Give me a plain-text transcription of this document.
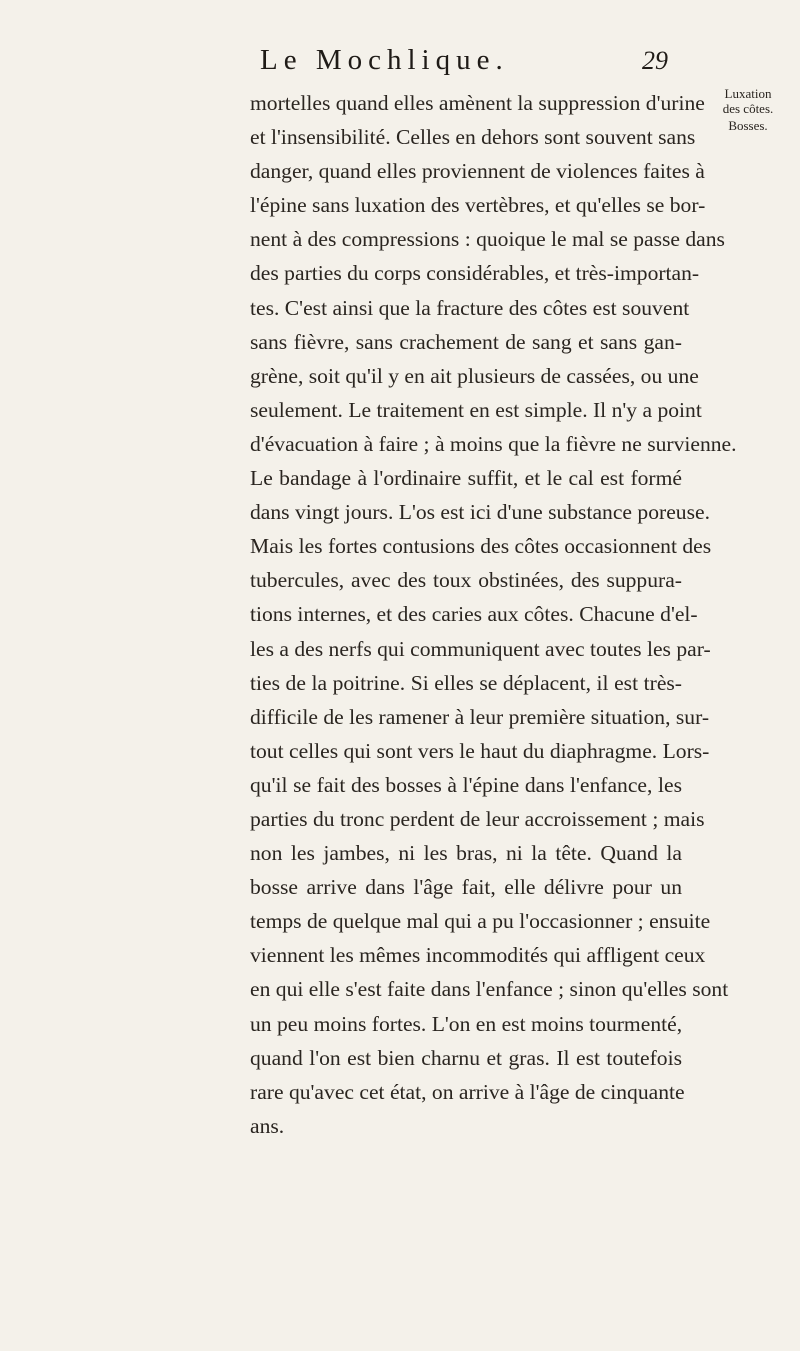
Le Mochlique.	29
Luxation
des côtes.
Bosses.
mortelles quand elles amènent la suppression d'urine
et l'insensibilité. Celles en dehors sont souvent sans
danger, quand elles proviennent de violences faites à
l'épine sans luxation des vertèbres, et qu'elles se bor-
nent à des compressions : quoique le mal se passe dans
des parties du corps considérables, et très-importan-
tes. C'est ainsi que la fracture des côtes est souvent
sans fièvre, sans crachement de sang et sans gan-
grène, soit qu'il y en ait plusieurs de cassées, ou une
seulement. Le traitement en est simple. Il n'y a point
d'évacuation à faire ; à moins que la fièvre ne survienne.
Le bandage à l'ordinaire suffit, et le cal est formé
dans vingt jours. L'os est ici d'une substance poreuse.
Mais les fortes contusions des côtes occasionnent des
tubercules, avec des toux obstinées, des suppura-
tions internes, et des caries aux côtes. Chacune d'el-
les a des nerfs qui communiquent avec toutes les par-
ties de la poitrine. Si elles se déplacent, il est très-
difficile de les ramener à leur première situation, sur-
tout celles qui sont vers le haut du diaphragme. Lors-
qu'il se fait des bosses à l'épine dans l'enfance, les
parties du tronc perdent de leur accroissement ; mais
non les jambes, ni les bras, ni la tête. Quand la
bosse arrive dans l'âge fait, elle délivre pour un
temps de quelque mal qui a pu l'occasionner ; ensuite
viennent les mêmes incommodités qui affligent ceux
en qui elle s'est faite dans l'enfance ; sinon qu'elles sont
un peu moins fortes. L'on en est moins tourmenté,
quand l'on est bien charnu et gras. Il est toutefois
rare qu'avec cet état, on arrive à l'âge de cinquante
ans.
